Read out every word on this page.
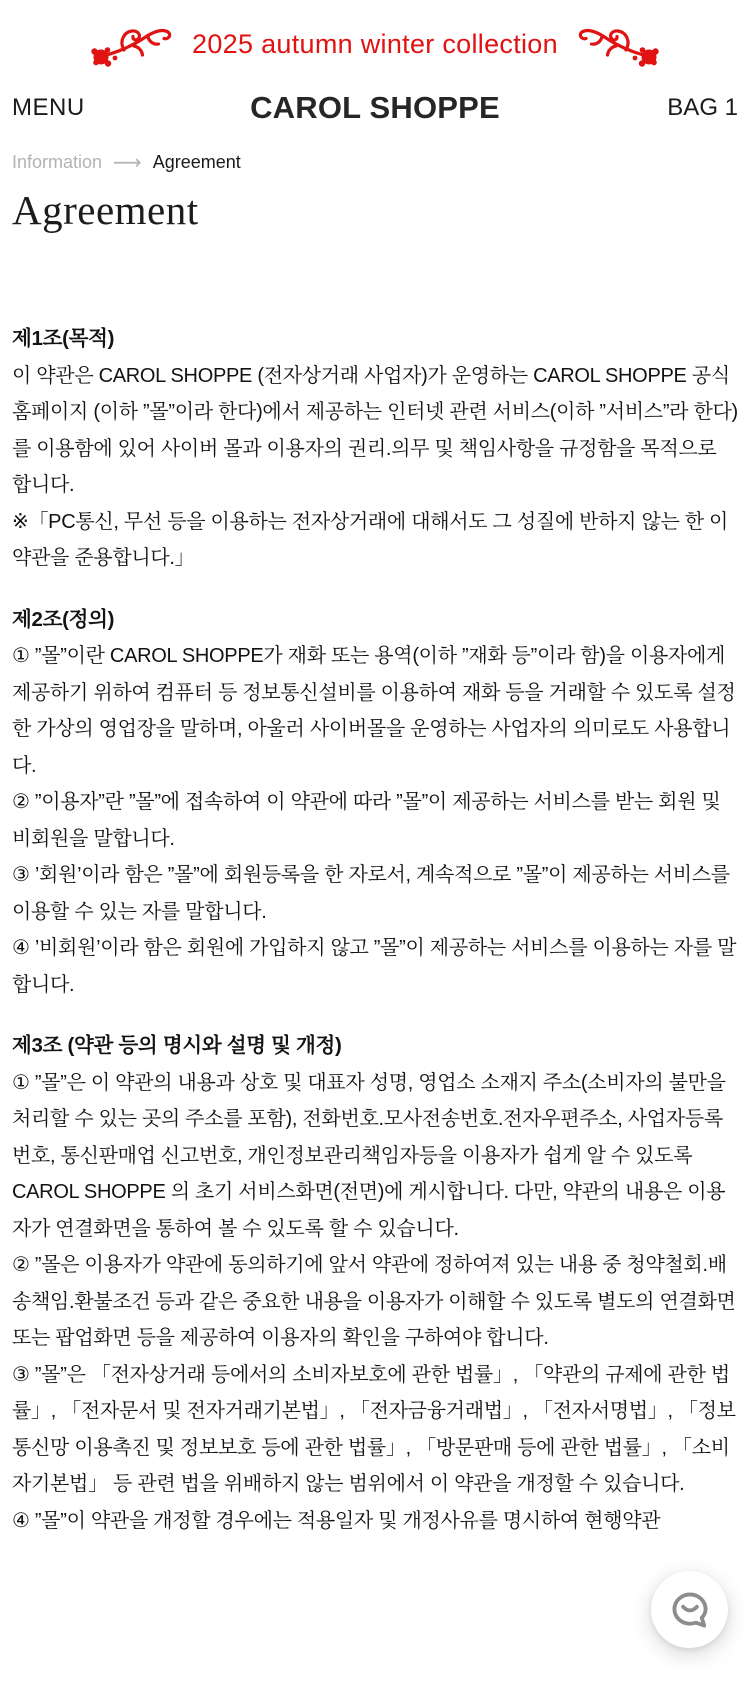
2025 autumn winter collection
MENU	CAROL SHOPPE	BAG 1
Information ⟶ Agreement
Agreement
제1조(목적)

이 약관은 CAROL SHOPPE (전자상거래 사업자)가 운영하는 CAROL SHOPPE 공식 홈페이지 (이하 ”몰”이라 한다)에서 제공하는 인터넷 관련 서비스(이하 ”서비스”라 한다)를 이용함에 있어 사이버 몰과 이용자의 권리.의무 및 책임사항을 규정함을 목적으로 합니다.

※「PC통신, 무선 등을 이용하는 전자상거래에 대해서도 그 성질에 반하지 않는 한 이 약관을 준용합니다.」

제2조(정의)

① ”몰”이란 CAROL SHOPPE가 재화 또는 용역(이하 ”재화 등”이라 함)을 이용자에게 제공하기 위하여 컴퓨터 등 정보통신설비를 이용하여 재화 등을 거래할 수 있도록 설정한 가상의 영업장을 말하며, 아울러 사이버몰을 운영하는 사업자의 의미로도 사용합니다.

② ”이용자”란 ”몰”에 접속하여 이 약관에 따라 ”몰”이 제공하는 서비스를 받는 회원 및 비회원을 말합니다.

③ ’회원’이라 함은 ”몰”에 회원등록을 한 자로서, 계속적으로 ”몰”이 제공하는 서비스를 이용할 수 있는 자를 말합니다.

④ ’비회원’이라 함은 회원에 가입하지 않고 ”몰”이 제공하는 서비스를 이용하는 자를 말합니다.

제3조 (약관 등의 명시와 설명 및 개정)

① ”몰”은 이 약관의 내용과 상호 및 대표자 성명, 영업소 소재지 주소(소비자의 불만을 처리할 수 있는 곳의 주소를 포함), 전화번호.모사전송번호.전자우편주소, 사업자등록번호, 통신판매업 신고번호, 개인정보관리책임자등을 이용자가 쉽게 알 수 있도록 CAROL SHOPPE 의 초기 서비스화면(전면)에 게시합니다. 다만, 약관의 내용은 이용자가 연결화면을 통하여 볼 수 있도록 할 수 있습니다.

② ”몰은 이용자가 약관에 동의하기에 앞서 약관에 정하여져 있는 내용 중 청약철회.배송책임.환불조건 등과 같은 중요한 내용을 이용자가 이해할 수 있도록 별도의 연결화면 또는 팝업화면 등을 제공하여 이용자의 확인을 구하여야 합니다.

③ ”몰”은 「전자상거래 등에서의 소비자보호에 관한 법률」, 「약관의 규제에 관한 법률」, 「전자문서 및 전자거래기본법」, 「전자금융거래법」, 「전자서명법」, 「정보통신망 이용촉진 및 정보보호 등에 관한 법률」, 「방문판매 등에 관한 법률」, 「소비자기본법」 등 관련 법을 위배하지 않는 범위에서 이 약관을 개정할 수 있습니다.

④ ”몰”이 약관을 개정할 경우에는 적용일자 및 개정사유를 명시하여 현행약관
